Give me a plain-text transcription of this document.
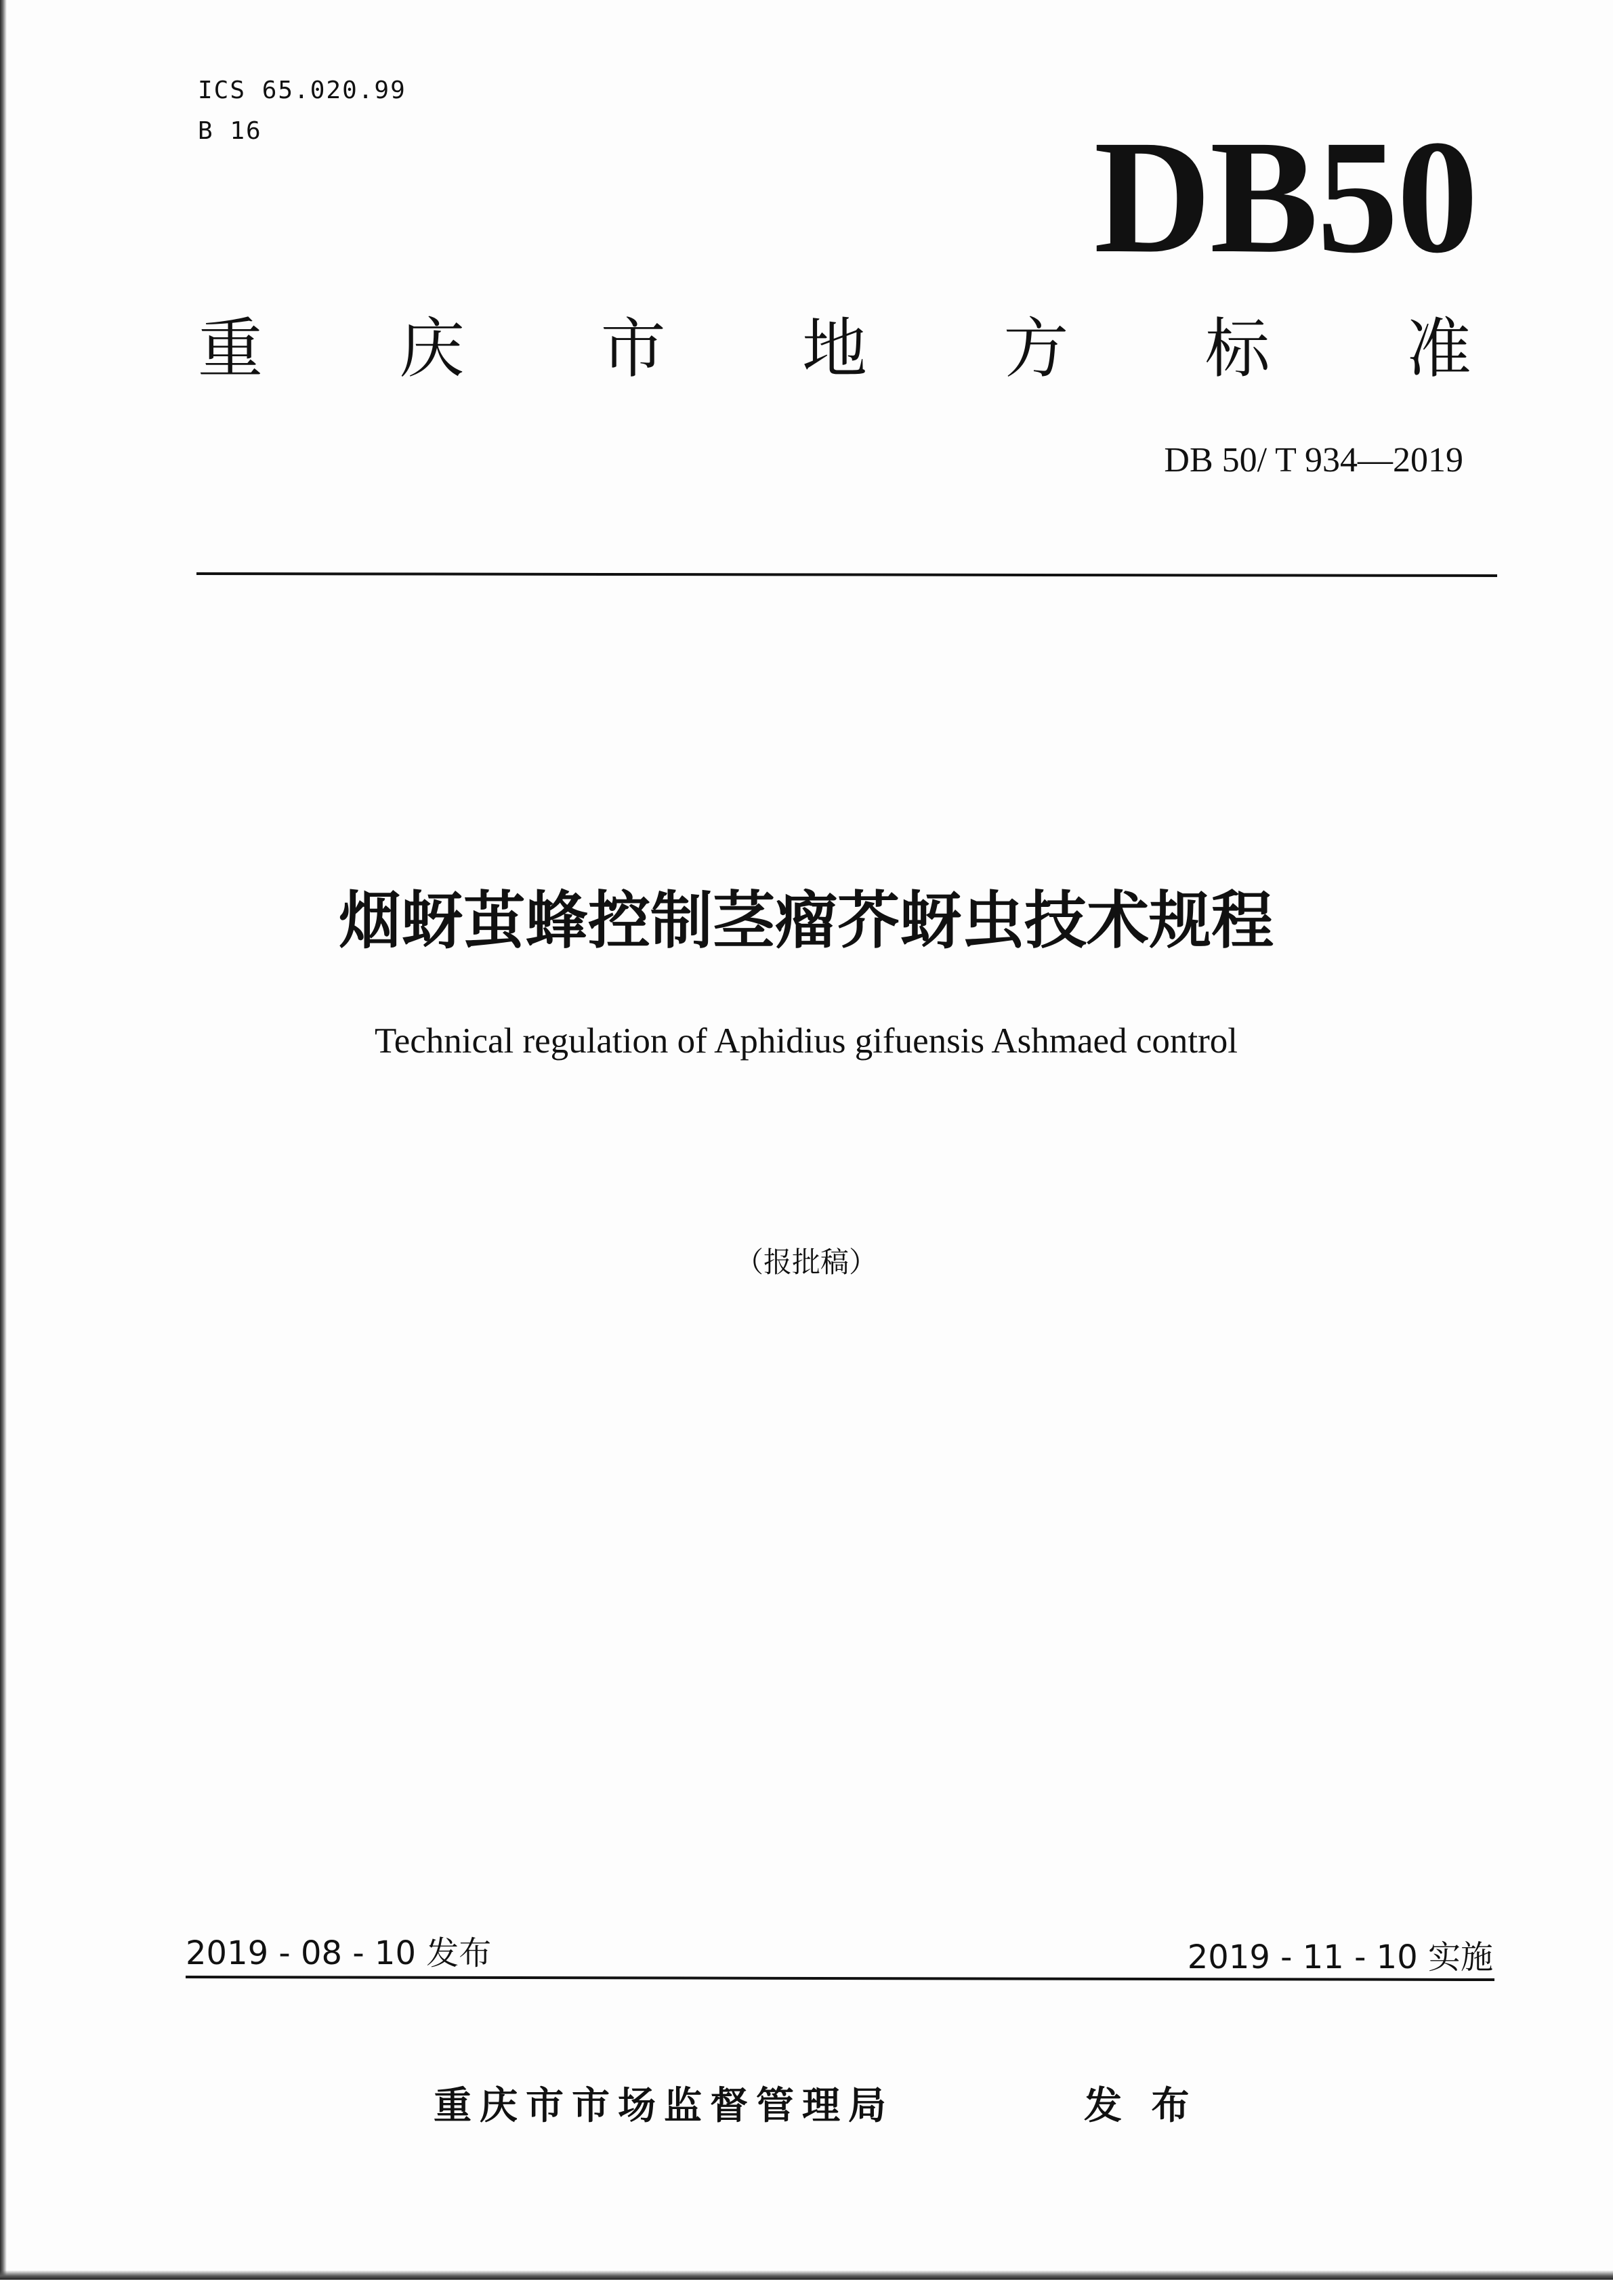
ICS 65.020.99
B 16	DB50
重 庆 市 地 方 标 准
DB 50/ T 934—2019
烟蚜茧蜂控制茎瘤芥蚜虫技术规程
Technical regulation of Aphidius gifuensis Ashmaed control
（报批稿）
2019 - 08 - 10 发布	2019 - 11 - 10 实施

重庆市市场监督管理局

	发 布
